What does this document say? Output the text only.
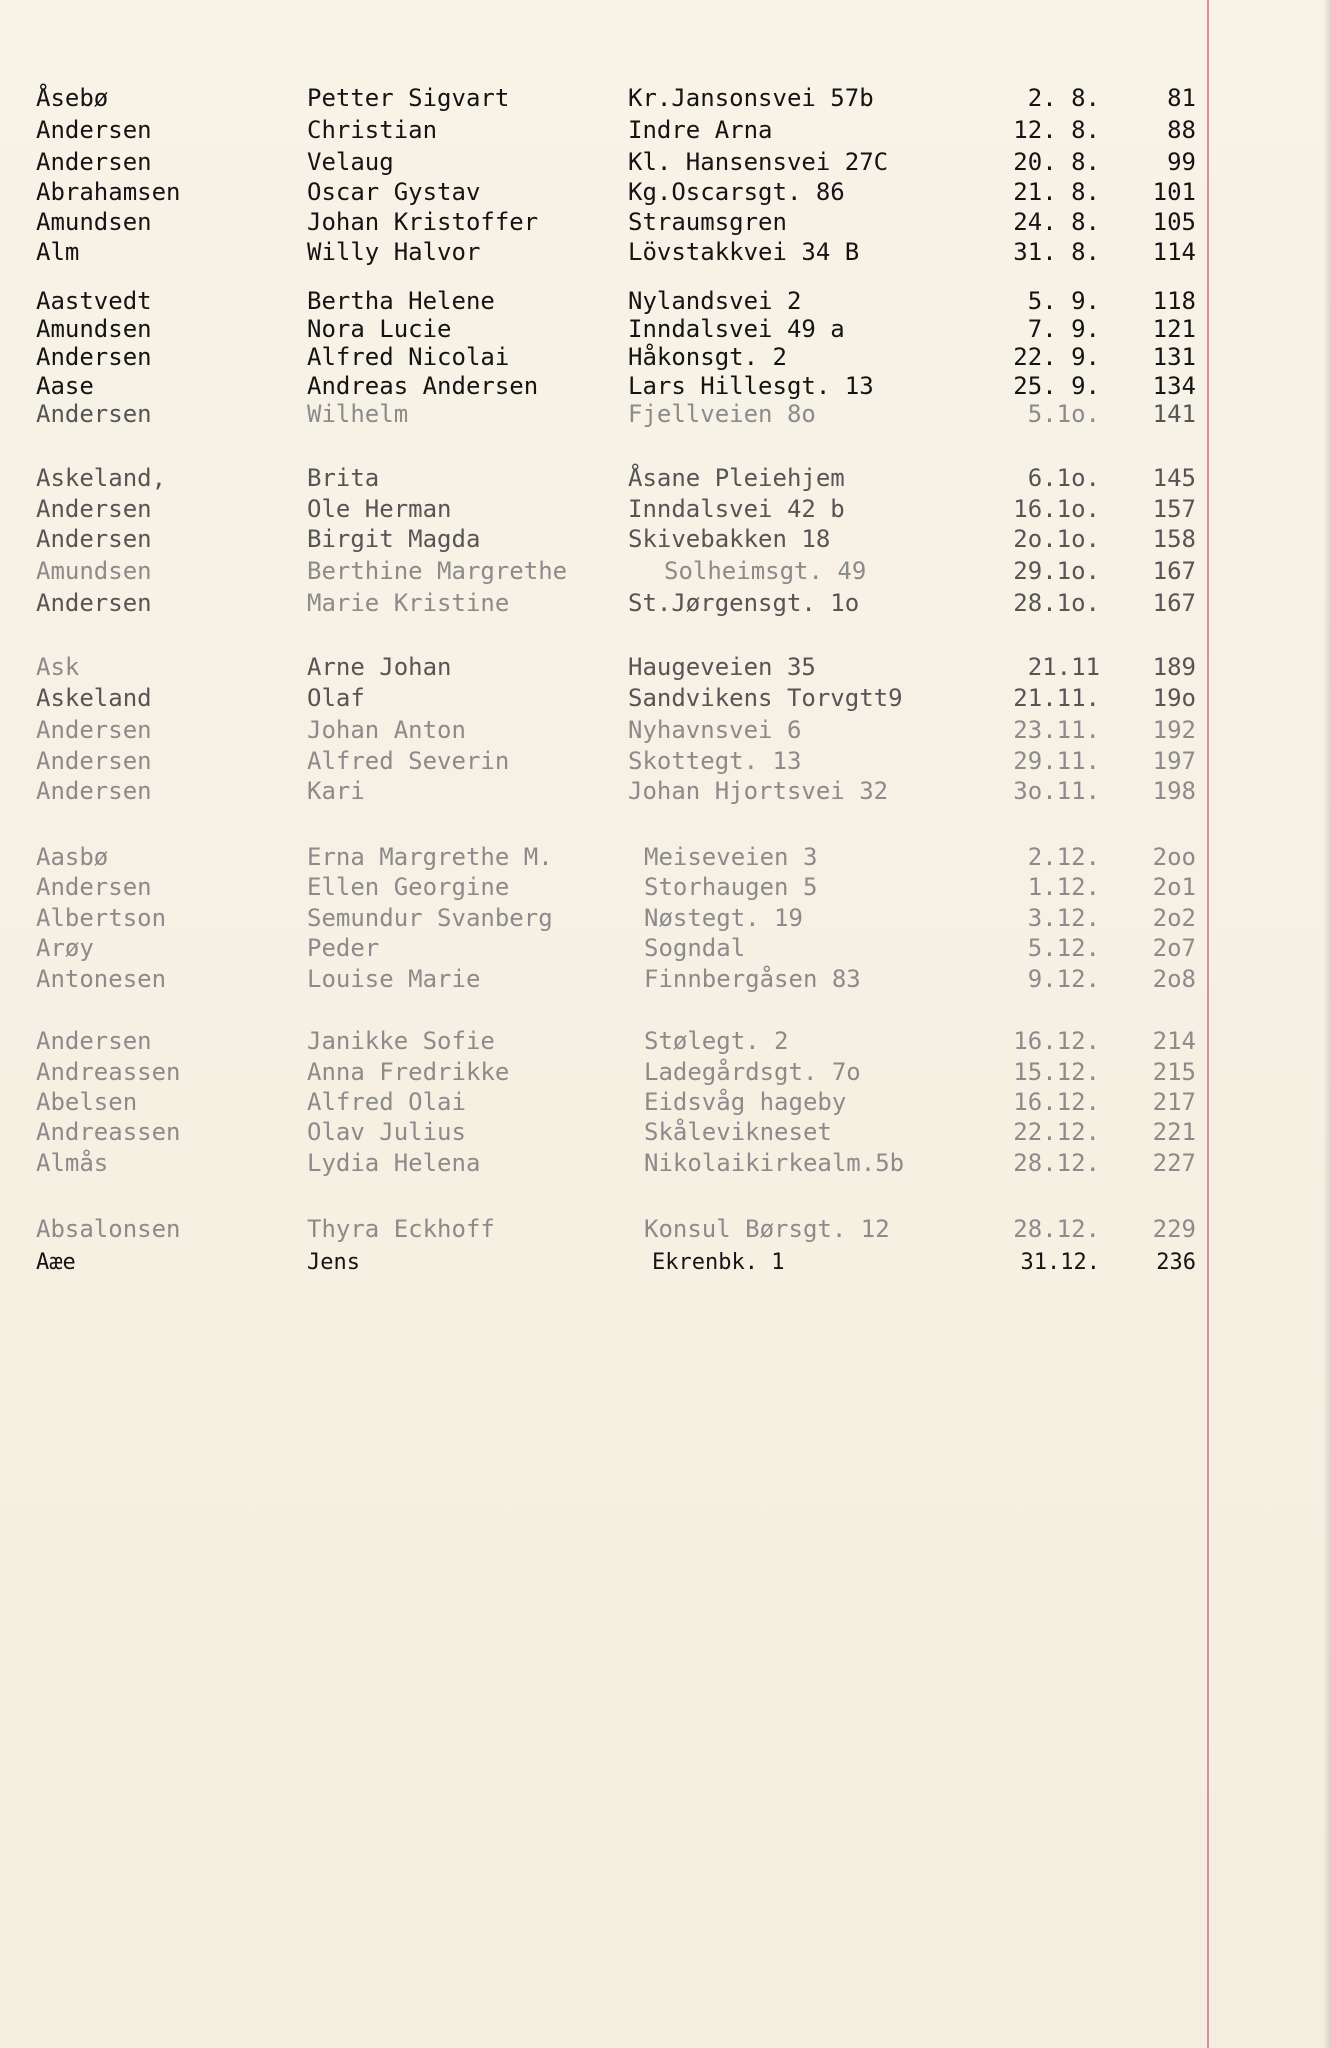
Åsebø	Petter Sigvart	Kr.Jansonsvei 57b	2. 8.	81
Andersen	Christian	Indre Arna	12. 8.	88
Andersen	Velaug	Kl. Hansensvei 27C	20. 8.	99
Abrahamsen	Oscar Gystav	Kg.Oscarsgt. 86	21. 8.	101
Amundsen	Johan Kristoffer	Straumsgren	24. 8.	105
Alm	Willy Halvor	Lövstakkvei 34 B	31. 8.	114
Aastvedt	Bertha Helene	Nylandsvei 2	5. 9.	118
Amundsen	Nora Lucie	Inndalsvei 49 a	7. 9.	121
Andersen	Alfred Nicolai	Håkonsgt. 2	22. 9.	131
Aase	Andreas Andersen	Lars Hillesgt. 13	25. 9.	134
Andersen	Wilhelm	Fjellveien 8o	5.1o.	141
Askeland,	Brita	Åsane Pleiehjem	6.1o.	145
Andersen	Ole Herman	Inndalsvei 42 b	16.1o.	157
Andersen	Birgit Magda	Skivebakken 18	2o.1o.	158
Amundsen	Berthine Margrethe	Solheimsgt. 49	29.1o.	167
Andersen	Marie Kristine	St.Jørgensgt. 1o	28.1o.	167
Ask	Arne Johan	Haugeveien 35	21.11	189
Askeland	Olaf	Sandvikens Torvgtt9	21.11.	19o
Andersen	Johan Anton	Nyhavnsvei 6	23.11.	192
Andersen	Alfred Severin	Skottegt. 13	29.11.	197
Andersen	Kari	Johan Hjortsvei 32	3o.11.	198
Aasbø	Erna Margrethe M.	Meiseveien 3	2.12.	2oo
Andersen	Ellen Georgine	Storhaugen 5	1.12.	2o1
Albertson	Semundur Svanberg	Nøstegt. 19	3.12.	2o2
Arøy	Peder	Sogndal	5.12.	2o7
Antonesen	Louise Marie	Finnbergåsen 83	9.12.	2o8
Andersen	Janikke Sofie	Stølegt. 2	16.12.	214
Andreassen	Anna Fredrikke	Ladegårdsgt. 7o	15.12.	215
Abelsen	Alfred Olai	Eidsvåg hageby	16.12.	217
Andreassen	Olav Julius	Skålevikneset	22.12.	221
Almås	Lydia Helena	Nikolaikirkealm.5b	28.12.	227
Absalonsen	Thyra Eckhoff	Konsul Børsgt. 12	28.12.	229
Aæe	Jens	Ekrenbk. 1	31.12.	236
